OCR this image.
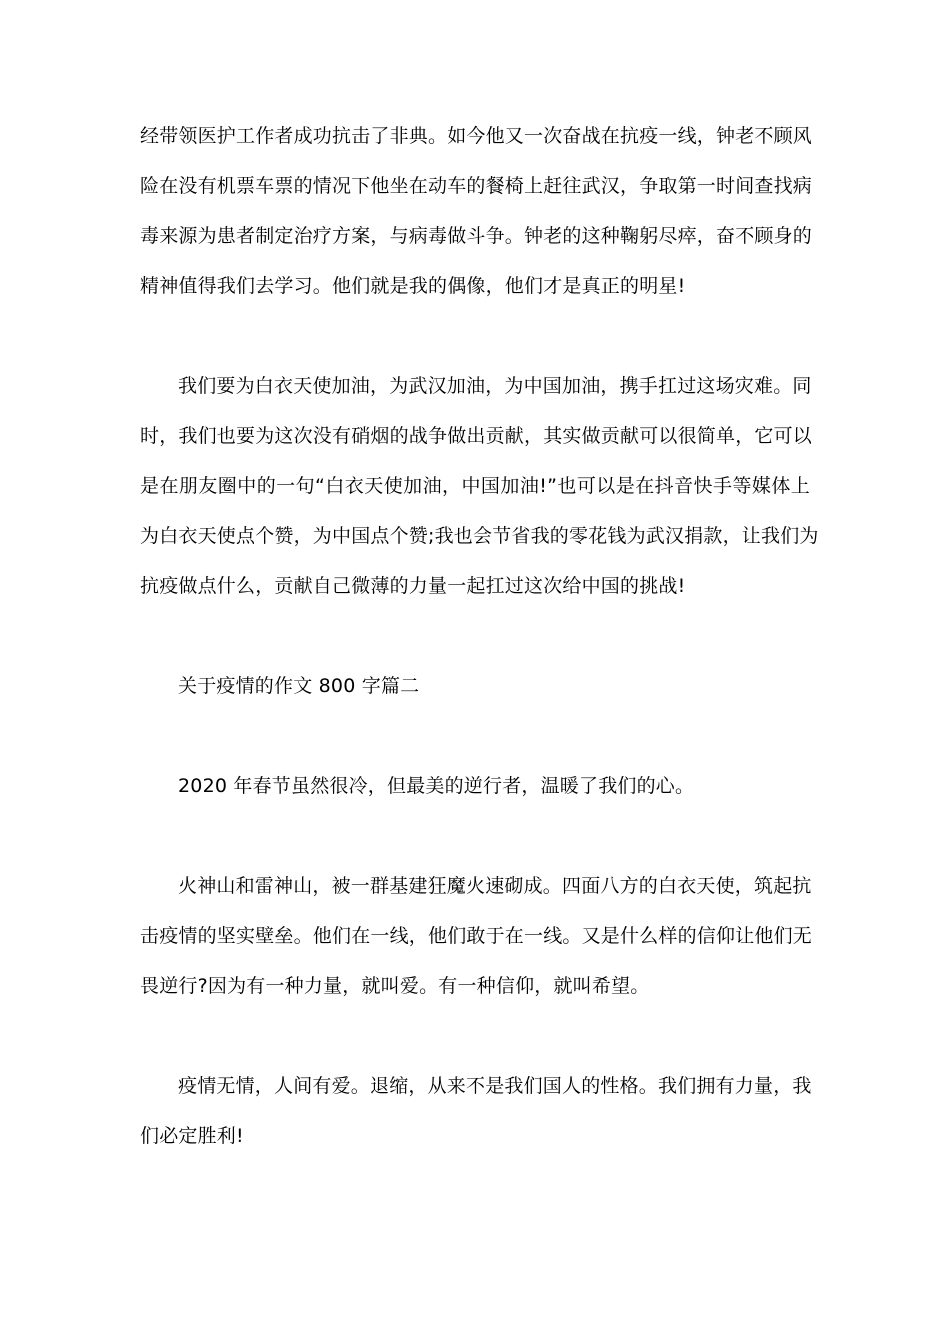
经带领医护工作者成功抗击了非典。如今他又一次奋战在抗疫一线，钟老不顾风
险在没有机票车票的情况下他坐在动车的餐椅上赶往武汉，争取第一时间查找病
毒来源为患者制定治疗方案，与病毒做斗争。钟老的这种鞠躬尽瘁，奋不顾身的
精神值得我们去学习。他们就是我的偶像，他们才是真正的明星!
我们要为白衣天使加油，为武汉加油，为中国加油，携手扛过这场灾难。同
时，我们也要为这次没有硝烟的战争做出贡献，其实做贡献可以很简单，它可以
是在朋友圈中的一句“白衣天使加油，中国加油!”也可以是在抖音快手等媒体上
为白衣天使点个赞，为中国点个赞;我也会节省我的零花钱为武汉捐款，让我们为
抗疫做点什么，贡献自己微薄的力量一起扛过这次给中国的挑战!
关于疫情的作文 800 字篇二
2020 年春节虽然很冷，但最美的逆行者，温暖了我们的心。
火神山和雷神山，被一群基建狂魔火速砌成。四面八方的白衣天使，筑起抗
击疫情的坚实壁垒。他们在一线，他们敢于在一线。又是什么样的信仰让他们无
畏逆行?因为有一种力量，就叫爱。有一种信仰，就叫希望。
疫情无情，人间有爱。退缩，从来不是我们国人的性格。我们拥有力量，我
们必定胜利!
